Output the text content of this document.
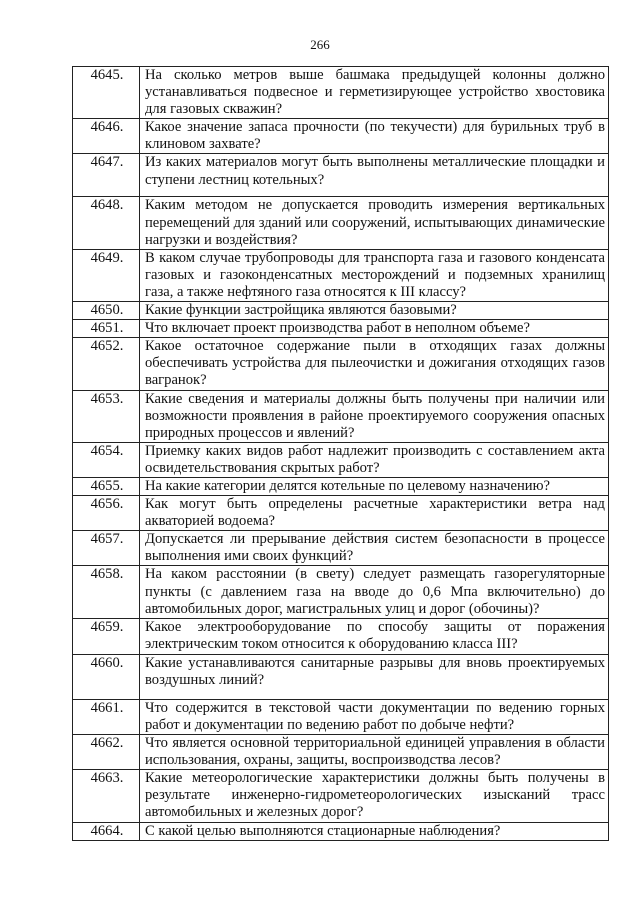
266
4645.	На сколько метров выше башмака предыдущей колонны должно устанавливаться подвесное и герметизирующее устройство хвостовика для газовых скважин?
4646.	Какое значение запаса прочности (по текучести) для бурильных труб в клиновом захвате?
4647.	Из каких материалов могут быть выполнены металлические площадки и ступени лестниц котельных?
4648.	Каким методом не допускается проводить измерения вертикальных перемещений для зданий или сооружений, испытывающих динамические нагрузки и воздействия?
4649.	В каком случае трубопроводы для транспорта газа и газового конденсата газовых и газоконденсатных месторождений и подземных хранилищ газа, а также нефтяного газа относятся к III классу?
4650.	Какие функции застройщика являются базовыми?
4651.	Что включает проект производства работ в неполном объеме?
4652.	Какое остаточное содержание пыли в отходящих газах должны обеспечивать устройства для пылеочистки и дожигания отходящих газов вагранок?
4653.	Какие сведения и материалы должны быть получены при наличии или возможности проявления в районе проектируемого сооружения опасных природных процессов и явлений?
4654.	Приемку каких видов работ надлежит производить с составлением акта освидетельствования скрытых работ?
4655.	На какие категории делятся котельные по целевому назначению?
4656.	Как могут быть определены расчетные характеристики ветра над акваторией водоема?
4657.	Допускается ли прерывание действия систем безопасности в процессе выполнения ими своих функций?
4658.	На каком расстоянии (в свету) следует размещать газорегуляторные пункты (с давлением газа на вводе до 0,6 Мпа включительно) до автомобильных дорог, магистральных улиц и дорог (обочины)?
4659.	Какое электрооборудование по способу защиты от поражения электрическим током относится к оборудованию класса III?
4660.	Какие устанавливаются санитарные разрывы для вновь проектируемых воздушных линий?
4661.	Что содержится в текстовой части документации по ведению горных работ и документации по ведению работ по добыче нефти?
4662.	Что является основной территориальной единицей управления в области использования, охраны, защиты, воспроизводства лесов?
4663.	Какие метеорологические характеристики должны быть получены в результате инженерно-гидрометеорологических изысканий трасс автомобильных и железных дорог?
4664.	С какой целью выполняются стационарные наблюдения?
